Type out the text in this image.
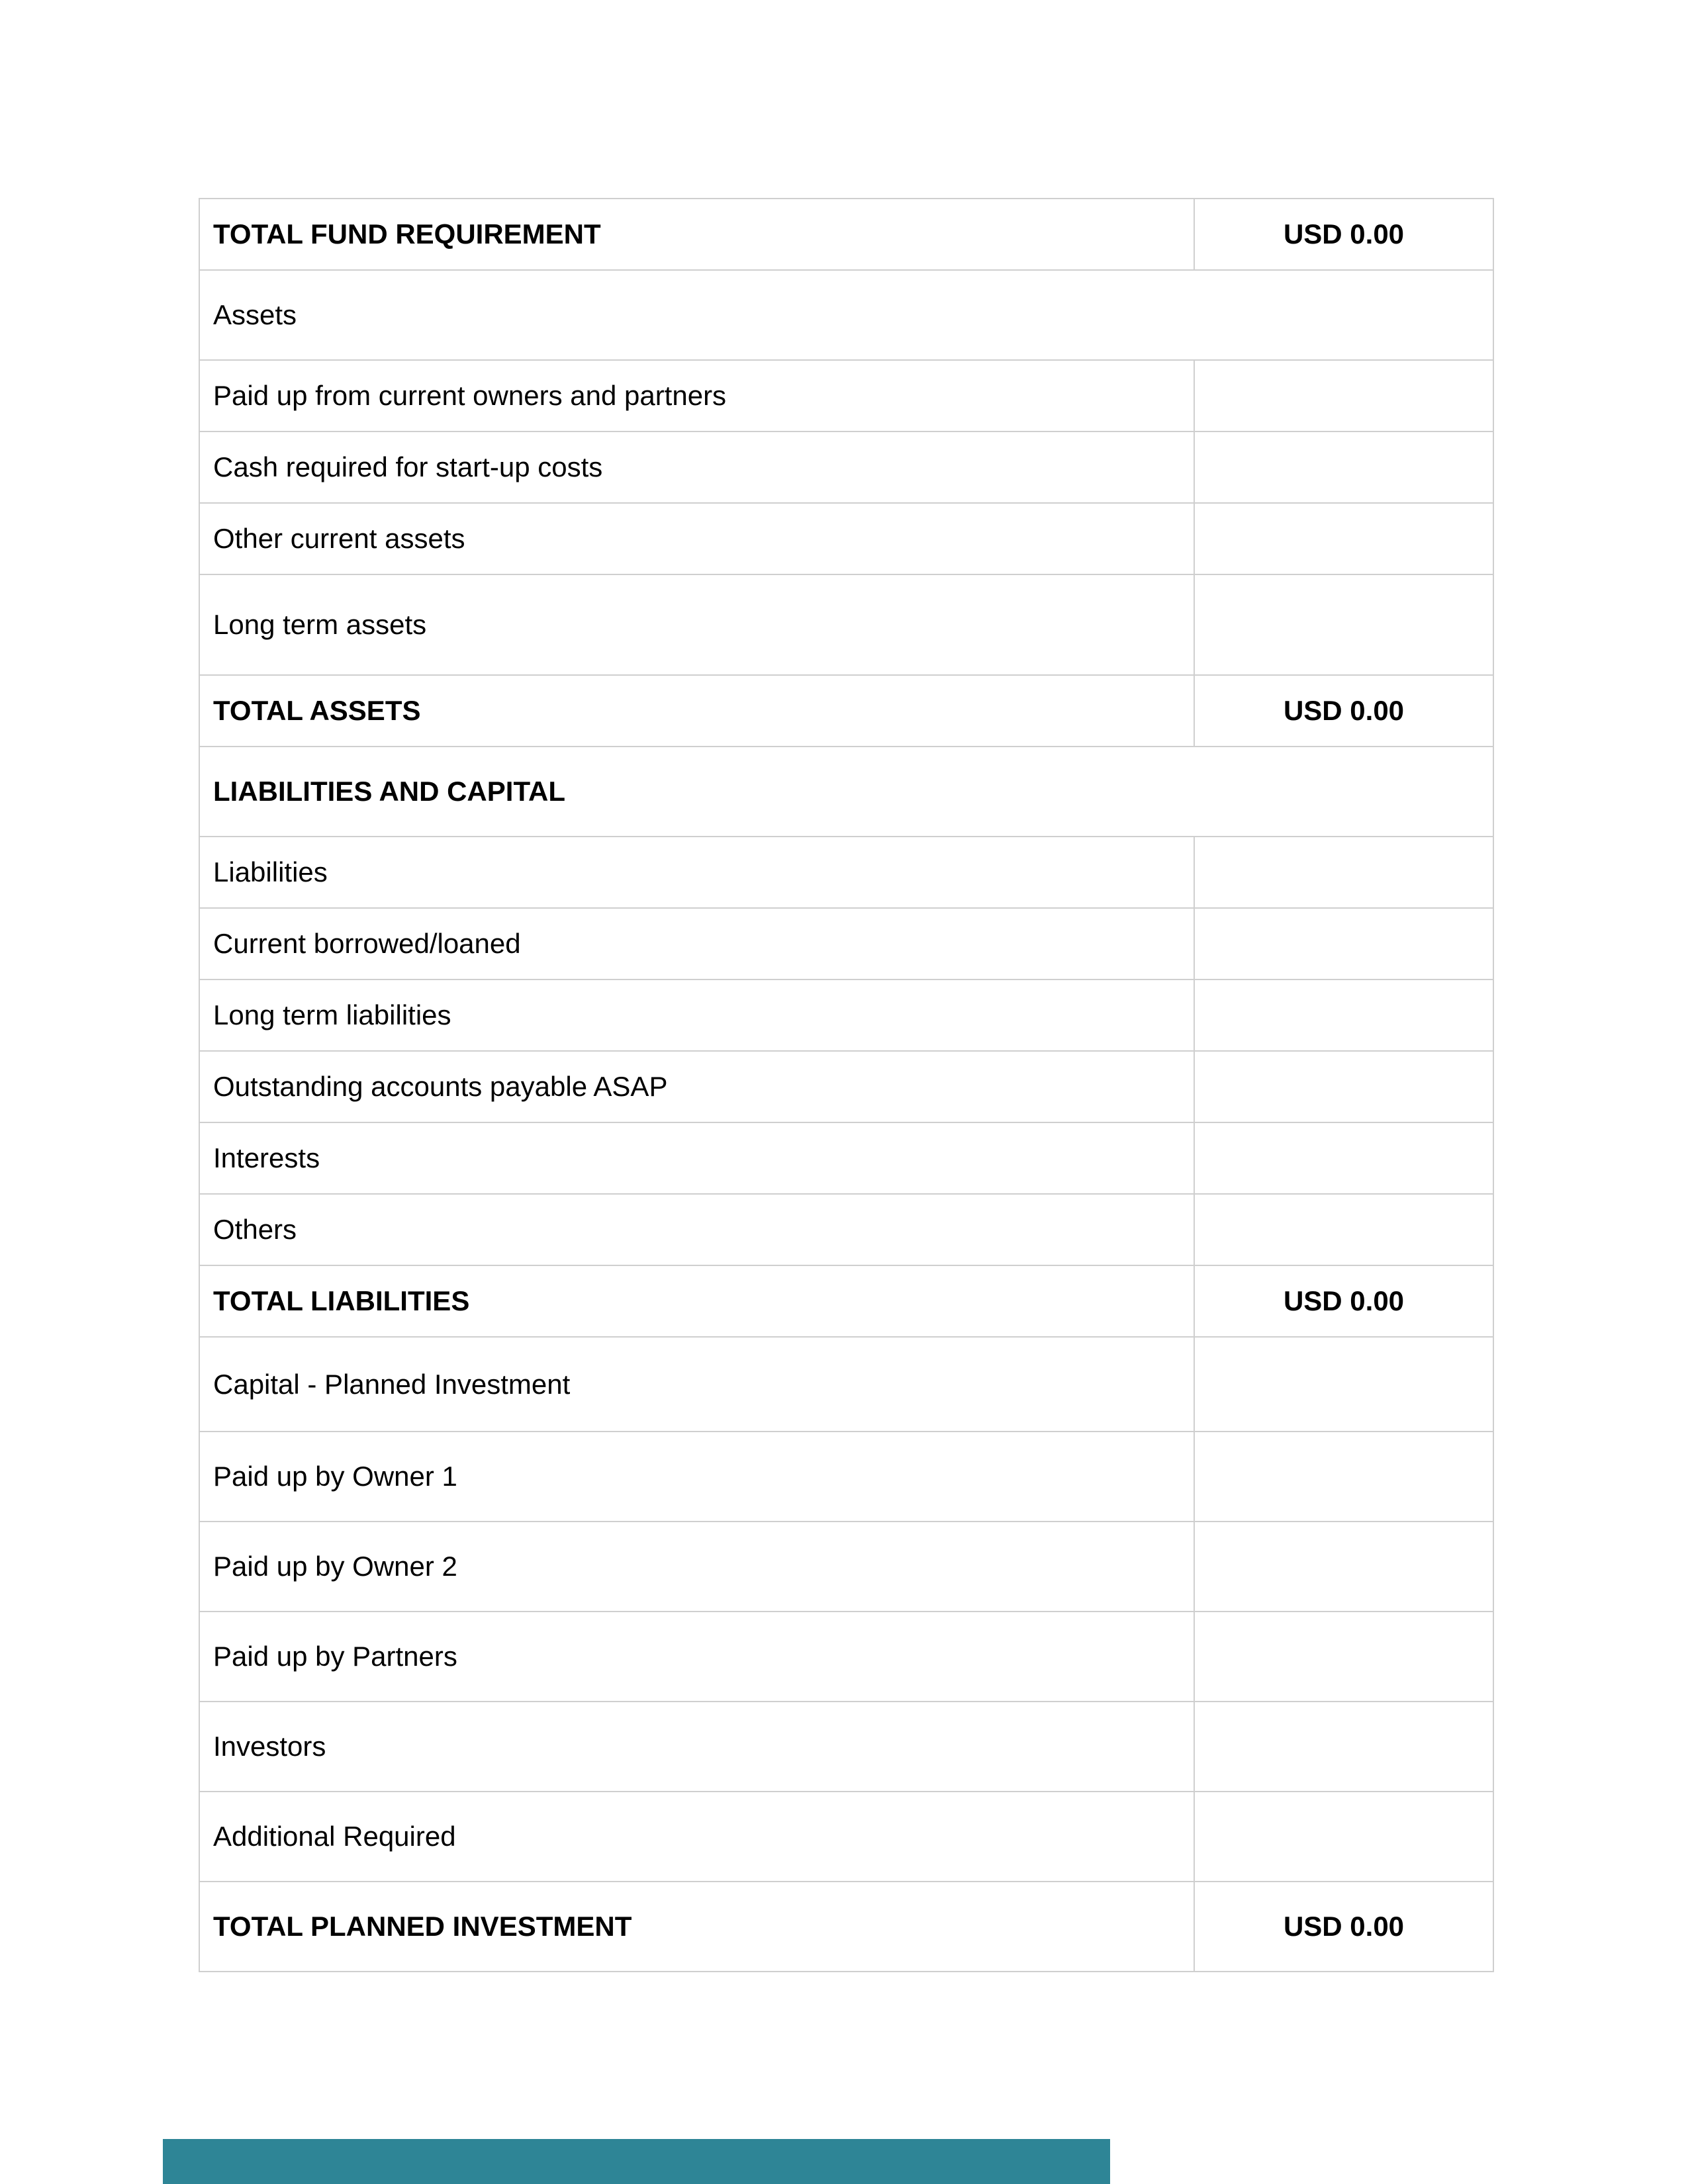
TOTAL FUND REQUIREMENT	USD 0.00
Assets	
Paid up from current owners and partners	
Cash required for start-up costs	
Other current assets	
Long term assets	
TOTAL ASSETS	USD 0.00
LIABILITIES AND CAPITAL	
Liabilities	
Current borrowed/loaned	
Long term liabilities	
Outstanding accounts payable ASAP	
Interests	
Others	
TOTAL LIABILITIES	USD 0.00
Capital - Planned Investment	
Paid up by Owner 1	
Paid up by Owner 2	
Paid up by Partners	
Investors	
Additional Required	
TOTAL PLANNED INVESTMENT	USD 0.00
